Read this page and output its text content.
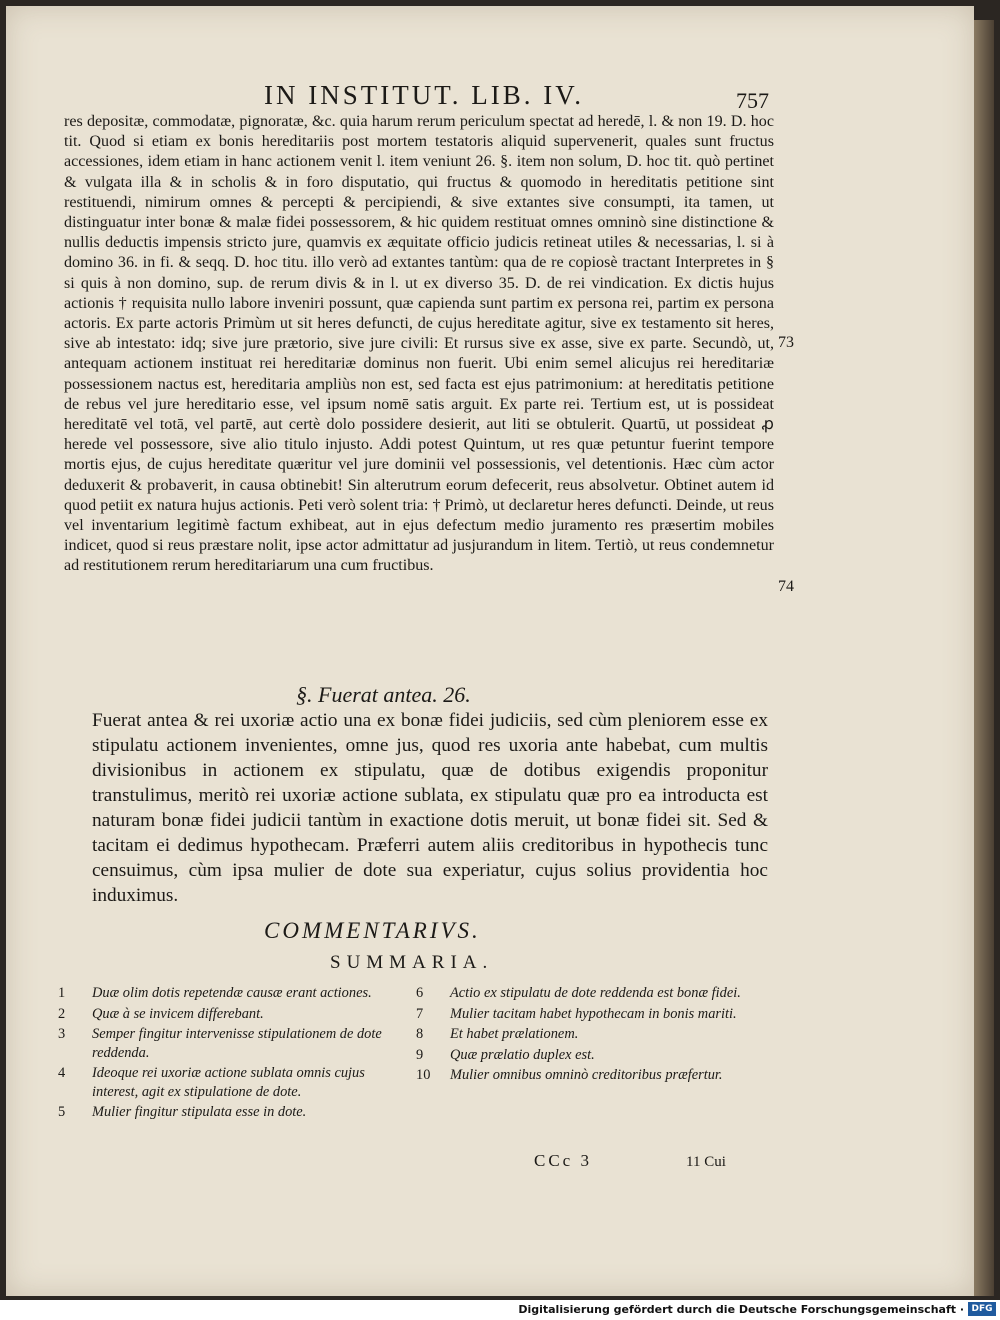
IN INSTITUT. LIB. IV.	757

res depositæ, commodatæ, pignoratæ, &c. quia harum rerum periculum spectat ad heredē, l. & non 19. D. hoc tit. Quod si etiam ex bonis hereditariis post mortem testatoris aliquid supervenerit, quales sunt fructus accessiones, idem etiam in hanc actionem venit l. item veniunt 26. §. item non solum, D. hoc tit. quò pertinet & vulgata illa & in scholis & in foro disputatio, qui fructus & quomodo in hereditatis petitione sint restituendi, nimirum omnes & percepti & percipiendi, & sive extantes sive consumpti, ita tamen, ut distinguatur inter bonæ & malæ fidei possessorem, & hic quidem restituat omnes omninò sine distinctione & nullis deductis impensis stricto jure, quamvis ex æquitate officio judicis retineat utiles & necessarias, l. si à domino 36. in fi. & seqq. D. hoc titu. illo verò ad extantes tantùm: qua de re copiosè tractant Interpretes in § si quis à non domino, sup. de rerum divis & in l. ut ex diverso 35. D. de rei vindication. Ex dictis hujus actionis † requisita nullo labore inveniri possunt, quæ capienda sunt partim ex persona rei, partim ex persona actoris. Ex parte actoris Primùm ut sit heres defuncti, de cujus hereditate agitur, sive ex testamento sit heres, sive ab intestato: idq; sive jure prætorio, sive jure civili: Et rursus sive ex asse, sive ex parte. Secundò, ut, antequam actionem instituat rei hereditariæ dominus non fuerit. Ubi enim semel alicujus rei hereditariæ possessionem nactus est, hereditaria ampliùs non est, sed facta est ejus patrimonium: at hereditatis petitione de rebus vel jure hereditario esse, vel ipsum nomē satis arguit. Ex parte rei. Tertium est, ut is possideat hereditatē vel totā, vel partē, aut certè dolo possidere desierit, aut liti se obtulerit. Quartū, ut possideat ꝓ herede vel possessore, sive alio titulo injusto. Addi potest Quintum, ut res quæ petuntur fuerint tempore mortis ejus, de cujus hereditate quæritur vel jure dominii vel possessionis, vel detentionis. Hæc cùm actor deduxerit & probaverit, in causa obtinebit! Sin alterutrum eorum defecerit, reus absolvetur. Obtinet autem id quod petiit ex natura hujus actionis. Peti verò solent tria: † Primò, ut declaretur heres defuncti. Deinde, ut reus vel inventarium legitimè factum exhibeat, aut in ejus defectum medio juramento res præsertim mobiles indicet, quod si reus præstare nolit, ipse actor admittatur ad jusjurandum in litem. Tertiò, ut reus condemnetur ad restitutionem rerum hereditariarum una cum fructibus.

73
74
§. Fuerat antea. 26.

Fuerat antea & rei uxoriæ actio una ex bonæ fidei judiciis, sed cùm pleniorem esse ex stipulatu actionem invenientes, omne jus, quod res uxoria ante habebat, cum multis divisionibus in actionem ex stipulatu, quæ de dotibus exigendis proponitur transtulimus, meritò rei uxoriæ actione sublata, ex stipulatu quæ pro ea introducta est naturam bonæ fidei judicii tantùm in exactione dotis meruit, ut bonæ fidei sit. Sed & tacitam ei dedimus hypothecam. Præferri autem aliis creditoribus in hypothecis tunc censuimus, cùm ipsa mulier de dote sua experiatur, cujus solius providentia hoc induximus.

COMMENTARIVS.
SUMMARIA.
1	Duæ olim dotis repetendæ causæ erant actiones.
2	Quæ à se invicem differebant.
3	Semper fingitur intervenisse stipulationem de dote reddenda.
4	Ideoque rei uxoriæ actione sublata omnis cujus interest, agit ex stipulatione de dote.
5	Mulier fingitur stipulata esse in dote.
6	Actio ex stipulatu de dote reddenda est bonæ fidei.
7	Mulier tacitam habet hypothecam in bonis mariti.
8	Et habet prælationem.
9	Quæ prælatio duplex est.
10	Mulier omnibus omninò creditoribus præfertur.
CCc 3	11 Cui
Digitalisierung gefördert durch die Deutsche Forschungsgemeinschaft · DFG
